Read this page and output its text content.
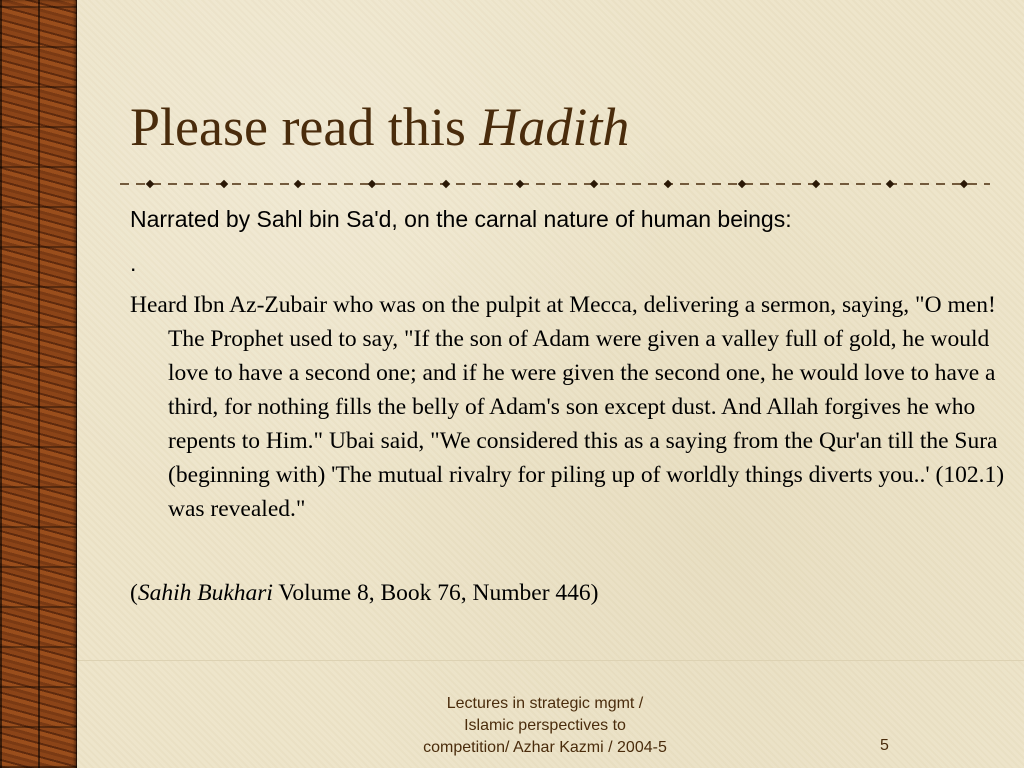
Please read this Hadith
Narrated by Sahl bin Sa'd, on the carnal nature of human beings:
.

Heard Ibn Az-Zubair who was on the pulpit at Mecca, delivering a sermon, saying, "O men! The Prophet used to say, "If the son of Adam were given a valley full of gold, he would love to have a second one; and if he were given the second one, he would love to have a third, for nothing fills the belly of Adam's son except dust. And Allah forgives he who repents to Him." Ubai said, "We considered this as a saying from the Qur'an till the Sura (beginning with) 'The mutual rivalry for piling up of worldly things diverts you..' (102.1) was revealed."

(Sahih Bukhari Volume 8, Book 76, Number 446)
Lectures in strategic mgmt /
Islamic perspectives to
competition/ Azhar Kazmi / 2004-5	5
